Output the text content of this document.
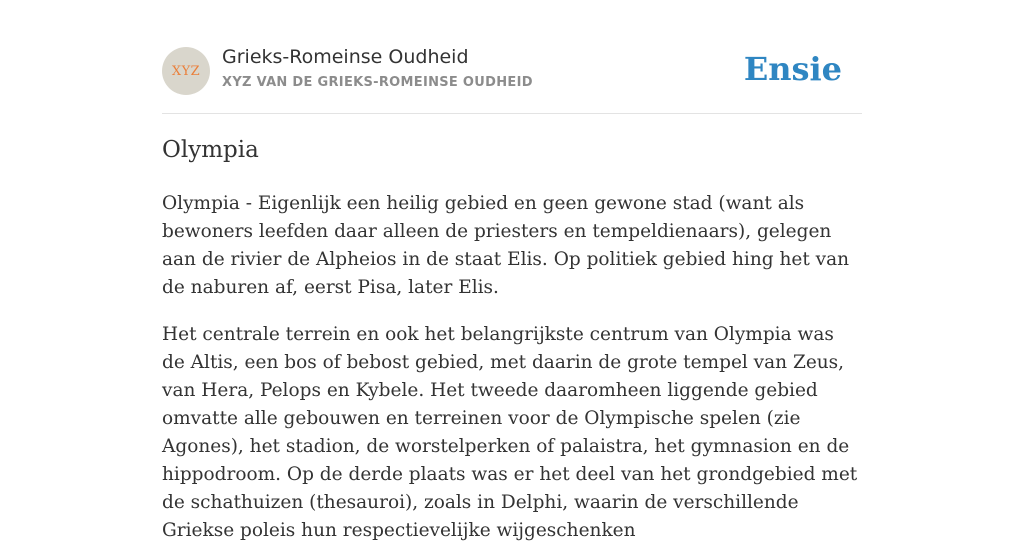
XYZ
Grieks-Romeinse Oudheid
XYZ VAN DE GRIEKS-ROMEINSE OUDHEID	Ensie
Olympia

Olympia - Eigenlijk een heilig gebied en geen gewone stad (want als bewoners leefden daar alleen de priesters en tempeldienaars), gelegen aan de rivier de Alpheios in de staat Elis. Op politiek gebied hing het van de naburen af, eerst Pisa, later Elis.

Het centrale terrein en ook het belangrijkste centrum van Olympia was de Altis, een bos of bebost gebied, met daarin de grote tempel van Zeus, van Hera, Pelops en Kybele. Het tweede daaromheen liggende gebied omvatte alle gebouwen en terreinen voor de Olympische spelen (zie Agones), het stadion, de worstelperken of palaistra, het gymnasion en de hippodroom. Op de derde plaats was er het deel van het grondgebied met de schathuizen (thesauroi), zoals in Delphi, waarin de verschillende Griekse poleis hun respectievelijke wijgeschenken
